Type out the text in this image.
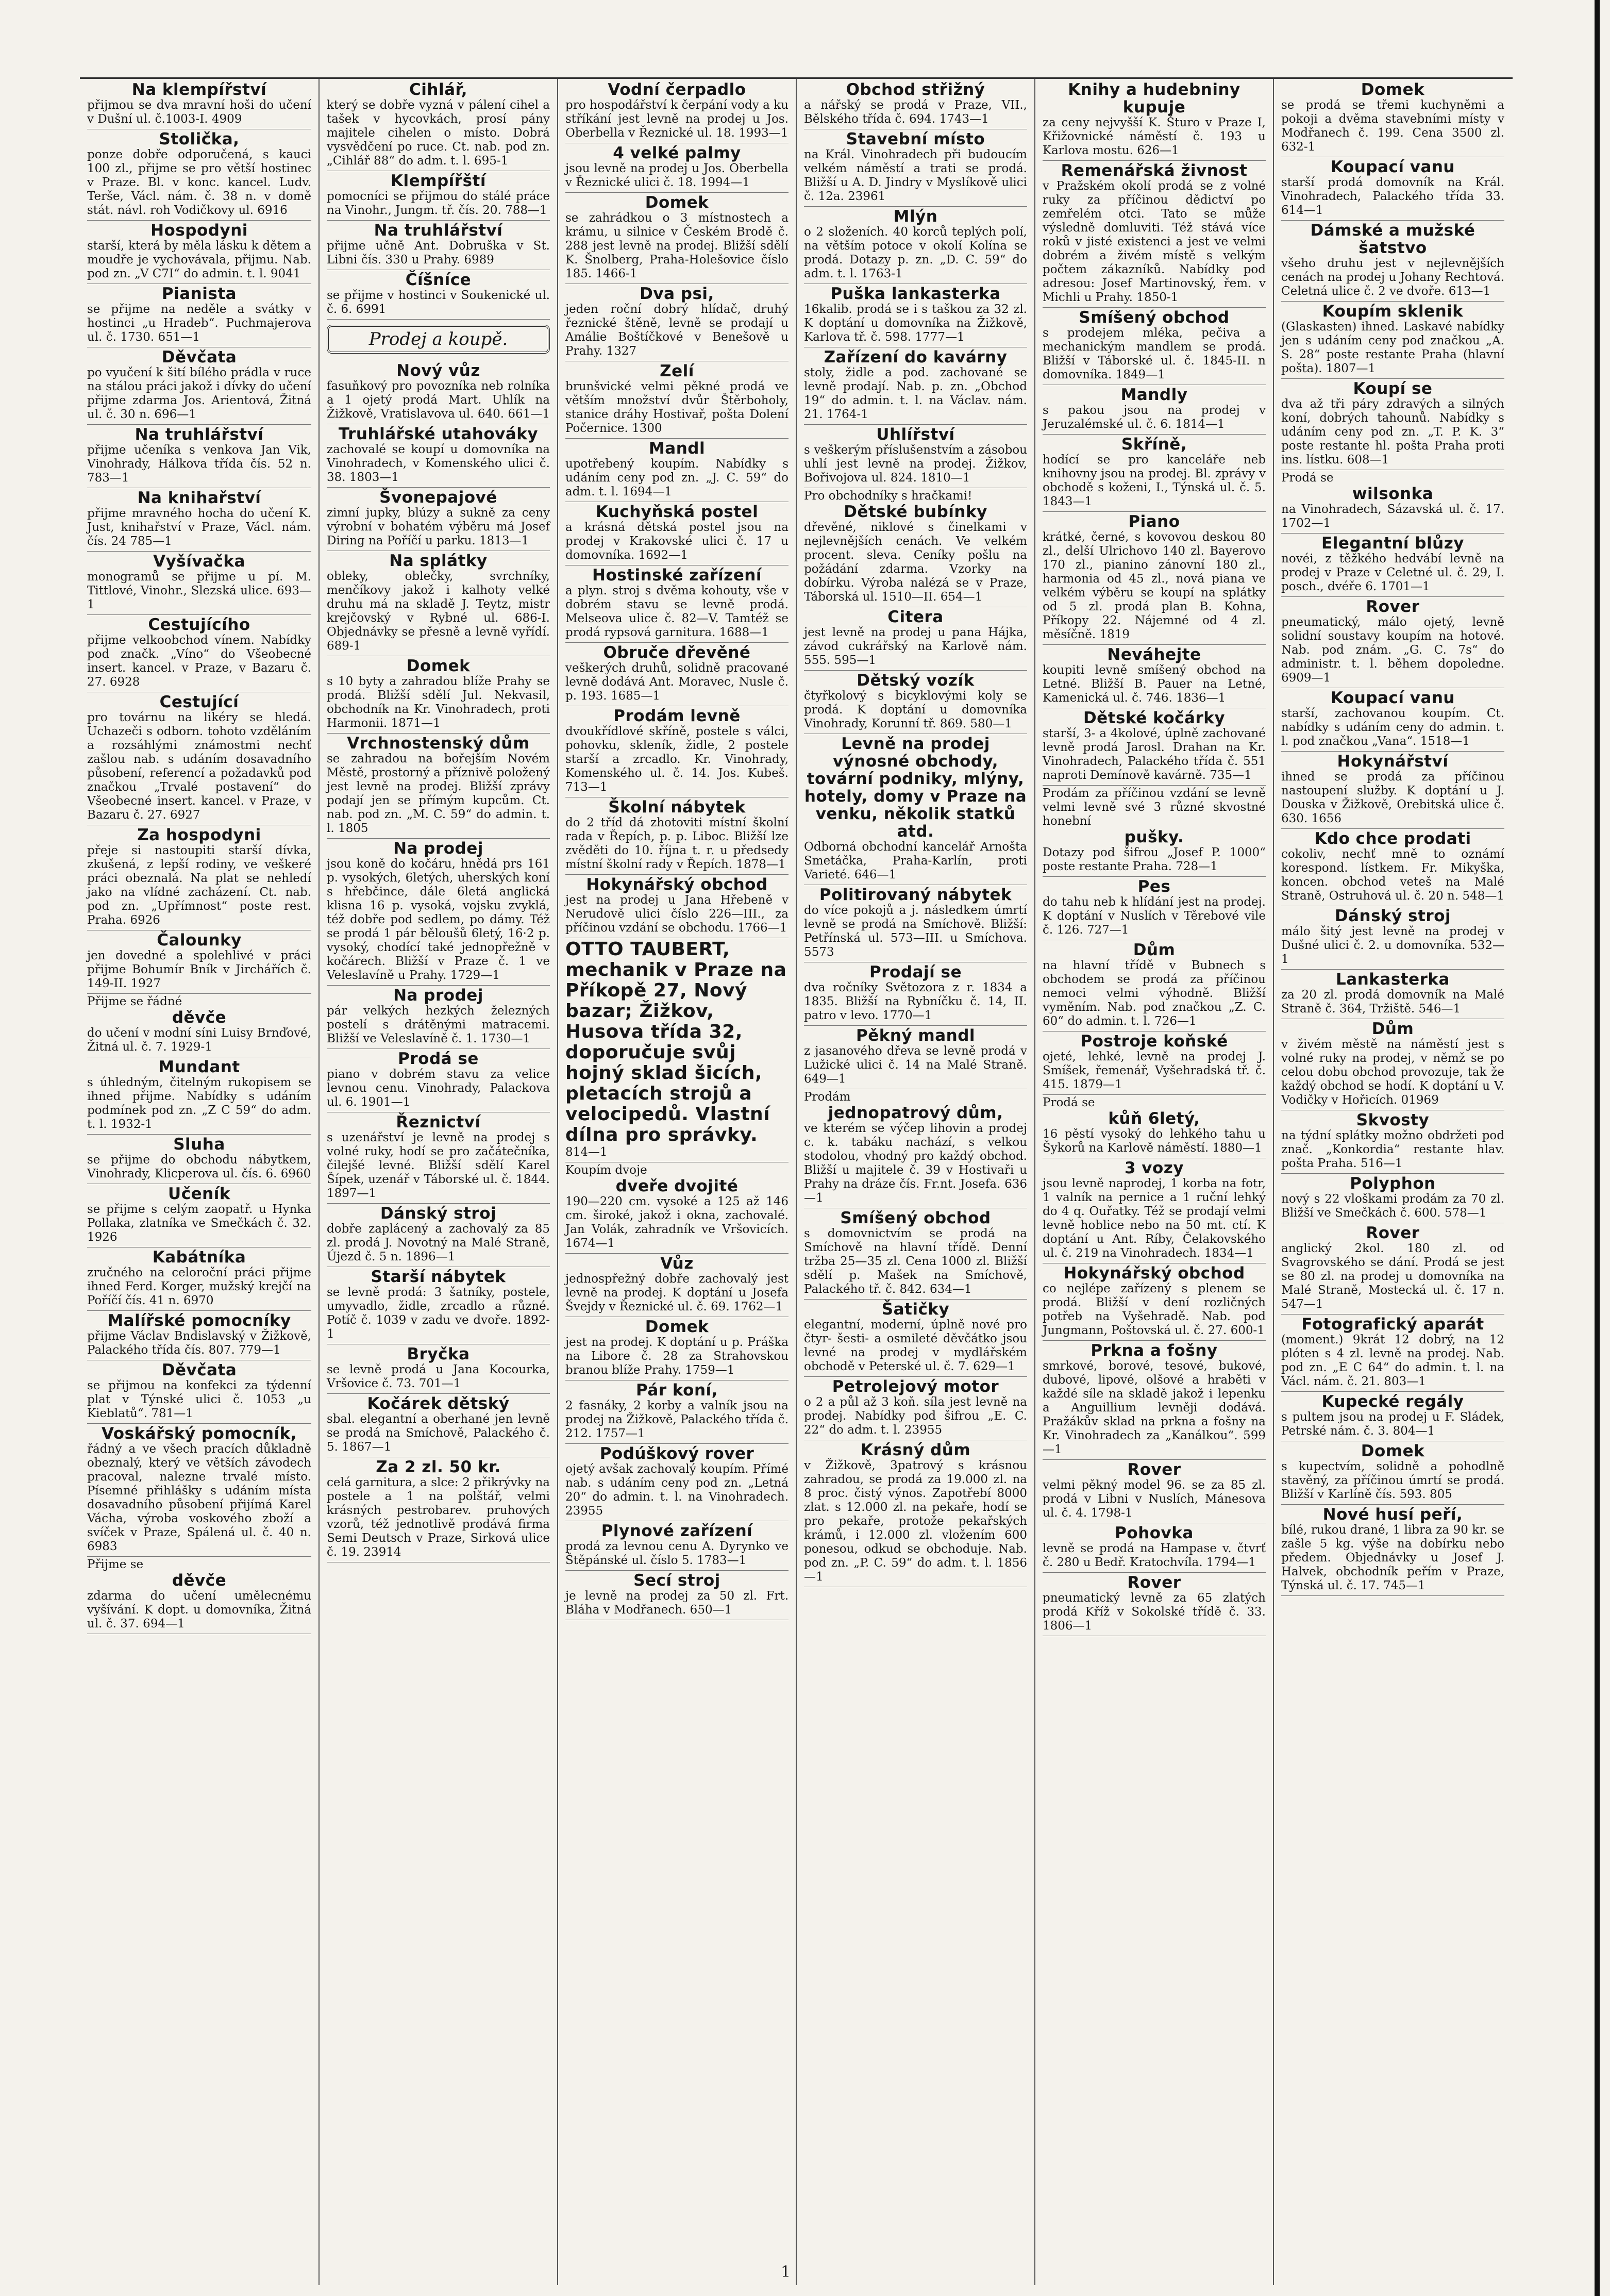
Na klempířství

přijmou se dva mravní hoši do učení v Dušní ul. č.1003-I. 4909

Stolička,

ponze dobře odporučená, s kauci 100 zl., přijme se pro větší hostinec v Praze. Bl. v konc. kancel. Ludv. Terše, Václ. nám. č. 38 n. v domě stát. návl. roh Vodičkovy ul. 6916

Hospodyni

starší, která by měla lásku k dětem a moudře je vychovávala, přijmu. Nab. pod zn. „V C7I“ do admin. t. l. 9041

Pianista

se přijme na neděle a svátky v hostinci „u Hradeb“. Puchmajerova ul. č. 1730. 651—1

Děvčata

po vyučení k šití bílého prádla v ruce na stálou práci jakož i dívky do učení přijme zdarma Jos. Arientová, Žitná ul. č. 30 n. 696—1

Na truhlářství

přijme učeníka s venkova Jan Vik, Vinohrady, Hálkova třída čís. 52 n. 783—1

Na knihařství

přijme mravného hocha do učení K. Just, knihařství v Praze, Václ. nám. čís. 24 785—1

Vyšívačka

monogramů se přijme u pí. M. Tittlové, Vinohr., Slezská ulice. 693—1

Cestujícího

přijme velkoobchod vínem. Nabídky pod značk. „Víno“ do Všeobecné insert. kancel. v Praze, v Bazaru č. 27. 6928

Cestující

pro továrnu na likéry se hledá. Uchazeči s odborn. tohoto vzděláním a rozsáhlými známostmi nechť zašlou nab. s udáním dosavadního působení, referencí a požadavků pod značkou „Trvalé postavení“ do Všeobecné insert. kancel. v Praze, v Bazaru č. 27. 6927

Za hospodyni

přeje si nastoupiti starší dívka, zkušená, z lepší rodiny, ve veškeré práci obeznalá. Na plat se nehledí jako na vlídné zacházení. Ct. nab. pod zn. „Upřímnost“ poste rest. Praha. 6926

Čalounky

jen dovedné a spolehlivé v práci přijme Bohumír Bník v Jirchářích č. 149-II. 1927

Přijme se řádné

děvče

do učení v modní síni Luisy Brnďové, Žitná ul. č. 7. 1929-1

Mundant

s úhledným, čitelným rukopisem se ihned přijme. Nabídky s udáním podmínek pod zn. „Z C 59“ do adm. t. l. 1932-1

Sluha

se přijme do obchodu nábytkem, Vinohrady, Klicperova ul. čís. 6. 6960

Učeník

se přijme s celým zaopatř. u Hynka Pollaka, zlatníka ve Smečkách č. 32. 1926

Kabátníka

zručného na celoroční práci přijme ihned Ferd. Korger, mužský krejčí na Poříčí čís. 41 n. 6970

Malířské pomocníky

přijme Václav Bndislavský v Žižkově, Palackého třída čís. 807. 779—1

Děvčata

se přijmou na konfekci za týdenní plat v Týnské ulici č. 1053 „u Kieblatů“. 781—1

Voskářský pomocník,

řádný a ve všech pracích důkladně obeznalý, který ve větších závodech pracoval, nalezne trvalé místo. Písemné přihlášky s udáním místa dosavadního působení přijímá Karel Vácha, výroba voskového zboží a svíček v Praze, Spálená ul. č. 40 n. 6983

Přijme se

děvče

zdarma do učení umělecnému vyšívání. K dopt. u domovníka, Žitná ul. č. 37. 694—1

Cihlář,

který se dobře vyzná v pálení cihel a tašek v hycovkách, prosí pány majitele cihelen o místo. Dobrá vysvědčení po ruce. Ct. nab. pod zn. „Cihlář 88“ do adm. t. l. 695-1

Klempířští

pomocníci se přijmou do stálé práce na Vinohr., Jungm. tř. čís. 20. 788—1

Na truhlářství

přijme učně Ant. Dobruška v St. Libni čís. 330 u Prahy. 6989

Číšníce

se přijme v hostinci v Soukenické ul. č. 6. 6991

Prodej a koupě.
Nový vůz

fasuňkový pro povozníka neb rolníka a 1 ojetý prodá Mart. Uhlík na Žižkově, Vratislavova ul. 640. 661—1

Truhlářské utahováky

zachovalé se koupí u domovníka na Vinohradech, v Komenského ulici č. 38. 1803—1

Švonepajové

zimní jupky, blúzy a sukně za ceny výrobní v bohatém výběru má Josef Diring na Poříčí u parku. 1813—1

Na splátky

obleky, oblečky, svrchníky, menčíkovy jakož i kalhoty velké druhu má na skladě J. Teytz, mistr krejčovský v Rybné ul. 686-I. Objednávky se přesně a levně vyřídí. 689-1

Domek

s 10 byty a zahradou blíže Prahy se prodá. Bližší sdělí Jul. Nekvasil, obchodník na Kr. Vinohradech, proti Harmonii. 1871—1

Vrchnostenský dům

se zahradou na bořejším Novém Městě, prostorný a příznivě položený jest levně na prodej. Bližší zprávy podají jen se přímým kupcům. Ct. nab. pod zn. „M. C. 59“ do admin. t. l. 1805

Na prodej

jsou koně do kočáru, hnědá prs 161 p. vysokých, 6letých, uherských koní s hřebčince, dále 6letá anglická klisna 16 p. vysoká, vojsku zvyklá, též dobře pod sedlem, po dámy. Též se prodá 1 pár běloušů 6letý, 16·2 p. vysoký, chodící také jednopřežně v kočárech. Bližší v Praze č. 1 ve Veleslavíně u Prahy. 1729—1

Na prodej

pár velkých hezkých železných postelí s drátěnými matracemi. Bližší ve Veleslavíně č. 1. 1730—1

Prodá se

piano v dobrém stavu za velice levnou cenu. Vinohrady, Palackova ul. 6. 1901—1

Řeznictví

s uzenářství je levně na prodej s volné ruky, hodí se pro začátečníka, čilejšé levné. Bližší sdělí Karel Šípek, uzenář v Táborské ul. č. 1844. 1897—1

Dánský stroj

dobře zaplácený a zachovalý za 85 zl. prodá J. Novotný na Malé Straně, Újezd č. 5 n. 1896—1

Starší nábytek

se levně prodá: 3 šatníky, postele, umyvadlo, židle, zrcadlo a různé. Potíč č. 1039 v zadu ve dvoře. 1892-1

Bryčka

se levně prodá u Jana Kocourka, Vršovice č. 73. 701—1

Kočárek dětský

sbal. elegantní a oberhané jen levně se prodá na Smíchově, Palackého č. 5. 1867—1

Za 2 zl. 50 kr.

celá garnitura, a slce: 2 přikrývky na postele a 1 na polštář, velmi krásných pestrobarev. pruhových vzorů, též jednotlivě prodává firma Semi Deutsch v Praze, Sirková ulice č. 19. 23914

Vodní čerpadlo

pro hospodářství k čerpání vody a ku stříkání jest levně na prodej u Jos. Oberbella v Řeznické ul. 18. 1993—1

4 velké palmy

jsou levně na prodej u Jos. Oberbella v Řeznické ulici č. 18. 1994—1

Domek

se zahrádkou o 3 místnostech a krámu, u silnice v Českém Brodě č. 288 jest levně na prodej. Bližší sdělí K. Šnolberg, Praha-Holešovice číslo 185. 1466-1

Dva psi,

jeden roční dobrý hlídač, druhý řeznické štěně, levně se prodají u Amálie Boštíčkové v Benešově u Prahy. 1327

Zelí

brunšvické velmi pěkné prodá ve větším množství dvůr Štěrboholy, stanice dráhy Hostivař, pošta Dolení Počernice. 1300

Mandl

upotřebený koupím. Nabídky s udáním ceny pod zn. „J. C. 59“ do adm. t. l. 1694—1

Kuchyňská postel

a krásná dětská postel jsou na prodej v Krakovské ulici č. 17 u domovníka. 1692—1

Hostinské zařízení

a plyn. stroj s dvěma kohouty, vše v dobrém stavu se levně prodá. Melseova ulice č. 82—V. Tamtéž se prodá rypsová garnitura. 1688—1

Obruče dřevěné

veškerých druhů, solidně pracované levně dodává Ant. Moravec, Nusle č. p. 193. 1685—1

Prodám levně

dvoukřídlové skříně, postele s válci, pohovku, skleník, židle, 2 postele starší a zrcadlo. Kr. Vinohrady, Komenského ul. č. 14. Jos. Kubeš. 713—1

Školní nábytek

do 2 tříd dá zhotoviti místní školní rada v Řepích, p. p. Liboc. Bližší lze zvěděti do 10. října t. r. u předsedy místní školní rady v Řepích. 1878—1

Hokynářský obchod

jest na prodej u Jana Hřebeně v Nerudově ulici číslo 226—III., za příčinou vzdání se obchodu. 1766—1

OTTO TAUBERT, mechanik v Praze na Příkopě 27, Nový bazar; Žižkov, Husova třída 32, doporučuje svůj hojný sklad šicích, pletacích strojů a velocipedů. Vlastní dílna pro správky.

814—1

Koupím dvoje

dveře dvojité

190—220 cm. vysoké a 125 až 146 cm. široké, jakož i okna, zachovalé. Jan Volák, zahradník ve Vršovicích. 1674—1

Vůz

jednospřežný dobře zachovalý jest levně na prodej. K doptání u Josefa Švejdy v Řeznické ul. č. 69. 1762—1

Domek

jest na prodej. K doptání u p. Práška na Libore č. 28 za Strahovskou branou blíže Prahy. 1759—1

Pár koní,

2 fasnáky, 2 korby a valník jsou na prodej na Žižkově, Palackého třída č. 212. 1757—1

Podúškový rover

ojetý avšak zachovalý koupím. Přímé nab. s udáním ceny pod zn. „Letná 20“ do admin. t. l. na Vinohradech. 23955

Plynové zařízení

prodá za levnou cenu A. Dyrynko ve Štěpánské ul. číslo 5. 1783—1

Secí stroj

je levně na prodej za 50 zl. Frt. Bláha v Modřanech. 650—1

Obchod střižný

a nářský se prodá v Praze, VII., Bělského třída č. 694. 1743—1

Stavební místo

na Král. Vinohradech při budoucím velkém náměstí a trati se prodá. Bližší u A. D. Jindry v Myslíkově ulici č. 12a. 23961

Mlýn

o 2 složeních. 40 korců teplých polí, na větším potoce v okolí Kolína se prodá. Dotazy p. zn. „D. C. 59“ do adm. t. l. 1763-1

Puška lankasterka

16kalib. prodá se i s taškou za 32 zl. K doptání u domovníka na Žižkově, Karlova tř. č. 598. 1777—1

Zařízení do kavárny

stoly, židle a pod. zachované se levně prodají. Nab. p. zn. „Obchod 19“ do admin. t. l. na Václav. nám. 21. 1764-1

Uhlířství

s veškerým příslušenstvím a zásobou uhlí jest levně na prodej. Žižkov, Bořivojova ul. 824. 1810—1

Pro obchodníky s hračkami!

Dětské bubínky

dřevěné, niklové s činelkami v nejlevnějších cenách. Ve velkém procent. sleva. Ceníky pošlu na požádání zdarma. Vzorky na dobírku. Výroba nalézá se v Praze, Táborská ul. 1510—II. 654—1

Citera

jest levně na prodej u pana Hájka, závod cukrářský na Karlově nám. 555. 595—1

Dětský vozík

čtyřkolový s bicyklovými koly se prodá. K doptání u domovníka Vinohrady, Korunní tř. 869. 580—1

Levně na prodej výnosné obchody, tovární podniky, mlýny, hotely, domy v Praze na venku, několik statků atd.

Odborná obchodní kancelář Arnošta Smetáčka, Praha-Karlín, proti Varieté. 646—1

Politirovaný nábytek

do více pokojů a j. následkem úmrtí levně se prodá na Smíchově. Bližší: Petřínská ul. 573—III. u Smíchova. 5573

Prodají se

dva ročníky Světozora z r. 1834 a 1835. Bližší na Rybníčku č. 14, II. patro v levo. 1770—1

Pěkný mandl

z jasanového dřeva se levně prodá v Lužické ulici č. 14 na Malé Straně. 649—1

Prodám

jednopatrový dům,

ve kterém se výčep lihovin a prodej c. k. tabáku nachází, s velkou stodolou, vhodný pro každý obchod. Bližší u majitele č. 39 v Hostivaři u Prahy na dráze čís. Fr.nt. Josefa. 636—1

Smíšený obchod

s domovnictvím se prodá na Smíchově na hlavní třídě. Denní tržba 25—35 zl. Cena 1000 zl. Bližší sdělí p. Mašek na Smíchově, Palackého tř. č. 842. 634—1

Šatičky

elegantní, moderní, úplně nové pro čtyr- šesti- a osmileté děvčátko jsou levné na prodej v mydlářském obchodě v Peterské ul. č. 7. 629—1

Petrolejový motor

o 2 a půl až 3 koň. síla jest levně na prodej. Nabídky pod šifrou „E. C. 22“ do adm. t. l. 23955

Krásný dům

v Žižkově, 3patrový s krásnou zahradou, se prodá za 19.000 zl. na 8 proc. čistý výnos. Zapotřebí 8000 zlat. s 12.000 zl. na pekaře, hodí se pro pekaře, protože pekařských krámů, i 12.000 zl. vložením 600 ponesou, odkud se obchoduje. Nab. pod zn. „P. C. 59“ do adm. t. l. 1856—1

Knihy a hudebniny kupuje

za ceny nejvyšší K. Šturo v Praze I, Křižovnické náměstí č. 193 u Karlova mostu. 626—1

Remenářská živnost

v Pražském okolí prodá se z volné ruky za příčinou dědictví po zemřelém otci. Tato se může výsledně domluviti. Též stává více roků v jisté existenci a jest ve velmi dobrém a živém místě s velkým počtem zákazníků. Nabídky pod adresou: Josef Martinovský, řem. v Michli u Prahy. 1850-1

Smíšený obchod

s prodejem mléka, pečiva a mechanickým mandlem se prodá. Bližší v Táborské ul. č. 1845-II. n domovníka. 1849—1

Mandly

s pakou jsou na prodej v Jeruzalémské ul. č. 6. 1814—1

Skříně,

hodící se pro kanceláře neb knihovny jsou na prodej. Bl. zprávy v obchodě s koženi, I., Týnská ul. č. 5. 1843—1

Piano

krátké, černé, s kovovou deskou 80 zl., delší Ulrichovo 140 zl. Bayerovo 170 zl., pianino zánovní 180 zl., harmonia od 45 zl., nová piana ve velkém výběru se koupí na splátky od 5 zl. prodá plan B. Kohna, Příkopy 22. Nájemné od 4 zl. měsíčně. 1819

Neváhejte

koupiti levně smíšený obchod na Letné. Bližší B. Pauer na Letné, Kamenická ul. č. 746. 1836—1

Dětské kočárky

starší, 3- a 4kolové, úplně zachované levně prodá Jarosl. Drahan na Kr. Vinohradech, Palackého třída č. 551 naproti Demínově kavárně. 735—1

Prodám za příčinou vzdání se levně velmi levně své 3 různé skvostné honební

pušky.

Dotazy pod šifrou „Josef P. 1000“ poste restante Praha. 728—1

Pes

do tahu neb k hlídání jest na prodej. K doptání v Nuslích v Těrebové vile č. 126. 727—1

Dům

na hlavní třídě v Bubnech s obchodem se prodá za příčinou nemoci velmi výhodně. Bližší vyměním. Nab. pod značkou „Z. C. 60“ do admin. t. l. 726—1

Postroje koňské

ojeté, lehké, levně na prodej J. Smíšek, řemenář, Vyšehradská tř. č. 415. 1879—1

Prodá se

kůň 6letý,

16 pěstí vysoký do lehkého tahu u Šykorů na Karlově náměstí. 1880—1

3 vozy

jsou levně naprodej, 1 korba na fotr, 1 valník na pernice a 1 ruční lehký do 4 q. Ouřatky. Též se prodají velmi levně hoblice nebo na 50 mt. ctí. K doptání u Ant. Ríby, Čelakovského ul. č. 219 na Vinohradech. 1834—1

Hokynářský obchod

co nejlépe zařízený s plenem se prodá. Bližší v dení rozličných potřeb na Vyšehradě. Nab. pod Jungmann, Poštovská ul. č. 27. 600-1

Prkna a fošny

smrkové, borové, tesové, bukové, dubové, lipové, olšové a hraběti v každé síle na skladě jakož i lepenku a Anguillium levněji dodává. Pražákův sklad na prkna a fošny na Kr. Vinohradech za „Kanálkou“. 599—1

Rover

velmi pěkný model 96. se za 85 zl. prodá v Libni v Nuslích, Mánesova ul. č. 4. 1798-1

Pohovka

levně se prodá na Hampase v. čtvrť č. 280 u Bedř. Kratochvíla. 1794—1

Rover

pneumatický levně za 65 zlatých prodá Kříž v Sokolské třídě č. 33. 1806—1

Domek

se prodá se třemi kuchyněmi a pokoji a dvěma stavebními místy v Modřanech č. 199. Cena 3500 zl. 632-1

Koupací vanu

starší prodá domovník na Král. Vinohradech, Palackého třída 33. 614—1

Dámské a mužské šatstvo

všeho druhu jest v nejlevnějších cenách na prodej u Johany Rechtová. Celetná ulice č. 2 ve dvoře. 613—1

Koupím sklenik

(Glaskasten) ihned. Laskavé nabídky jen s udáním ceny pod značkou „A. S. 28“ poste restante Praha (hlavní pošta). 1807—1

Koupí se

dva až tři páry zdravých a silných koní, dobrých tahounů. Nabídky s udáním ceny pod zn. „T. P. K. 3“ poste restante hl. pošta Praha proti ins. lístku. 608—1

Prodá se

wilsonka

na Vinohradech, Sázavská ul. č. 17. 1702—1

Elegantní blůzy

novéi, z těžkého hedvábí levně na prodej v Praze v Celetné ul. č. 29, I. posch., dvéře 6. 1701—1

Rover

pneumatický, málo ojetý, levně solidní soustavy koupím na hotové. Nab. pod znám. „G. C. 7s“ do administr. t. l. během dopoledne. 6909—1

Koupací vanu

starší, zachovanou koupím. Ct. nabídky s udáním ceny do admin. t. l. pod značkou „Vana“. 1518—1

Hokynářství

ihned se prodá za příčinou nastoupení služby. K doptání u J. Douska v Žižkově, Orebitská ulice č. 630. 1656

Kdo chce prodati

cokoliv, nechť mně to oznámí korespond. lístkem. Fr. Mikyška, koncen. obchod veteš na Malé Straně, Ostruhová ul. č. 20 n. 548—1

Dánský stroj

málo šitý jest levně na prodej v Dušné ulici č. 2. u domovníka. 532—1

Lankasterka

za 20 zl. prodá domovník na Malé Straně č. 364, Tržiště. 546—1

Dům

v živém městě na náměstí jest s volné ruky na prodej, v němž se po celou dobu obchod provozuje, tak že každý obchod se hodí. K doptání u V. Vodičky v Hořicích. 01969

Skvosty

na týdní splátky možno obdržeti pod znač. „Konkordia“ restante hlav. pošta Praha. 516—1

Polyphon

nový s 22 vloškami prodám za 70 zl. Bližší ve Smečkách č. 600. 578—1

Rover

anglický 2kol. 180 zl. od Svagrovského se dání. Prodá se jest se 80 zl. na prodej u domovníka na Malé Straně, Mostecká ul. č. 17 n. 547—1

Fotografický aparát

(moment.) 9krát 12 dobrý, na 12 plóten s 4 zl. levně na prodej. Nab. pod zn. „E C 64“ do admin. t. l. na Václ. nám. č. 21. 803—1

Kupecké regály

s pultem jsou na prodej u F. Sládek, Petrské nám. č. 3. 804—1

Domek

s kupectvím, solidně a pohodlně stavěný, za příčinou úmrtí se prodá. Bližší v Karlíně čís. 593. 805

Nové husí peří,

bílé, rukou drané, 1 libra za 90 kr. se zašle 5 kg. výše na dobírku nebo předem. Objednávky u Josef J. Halvek, obchodník peřím v Praze, Týnská ul. č. 17. 745—1

1
